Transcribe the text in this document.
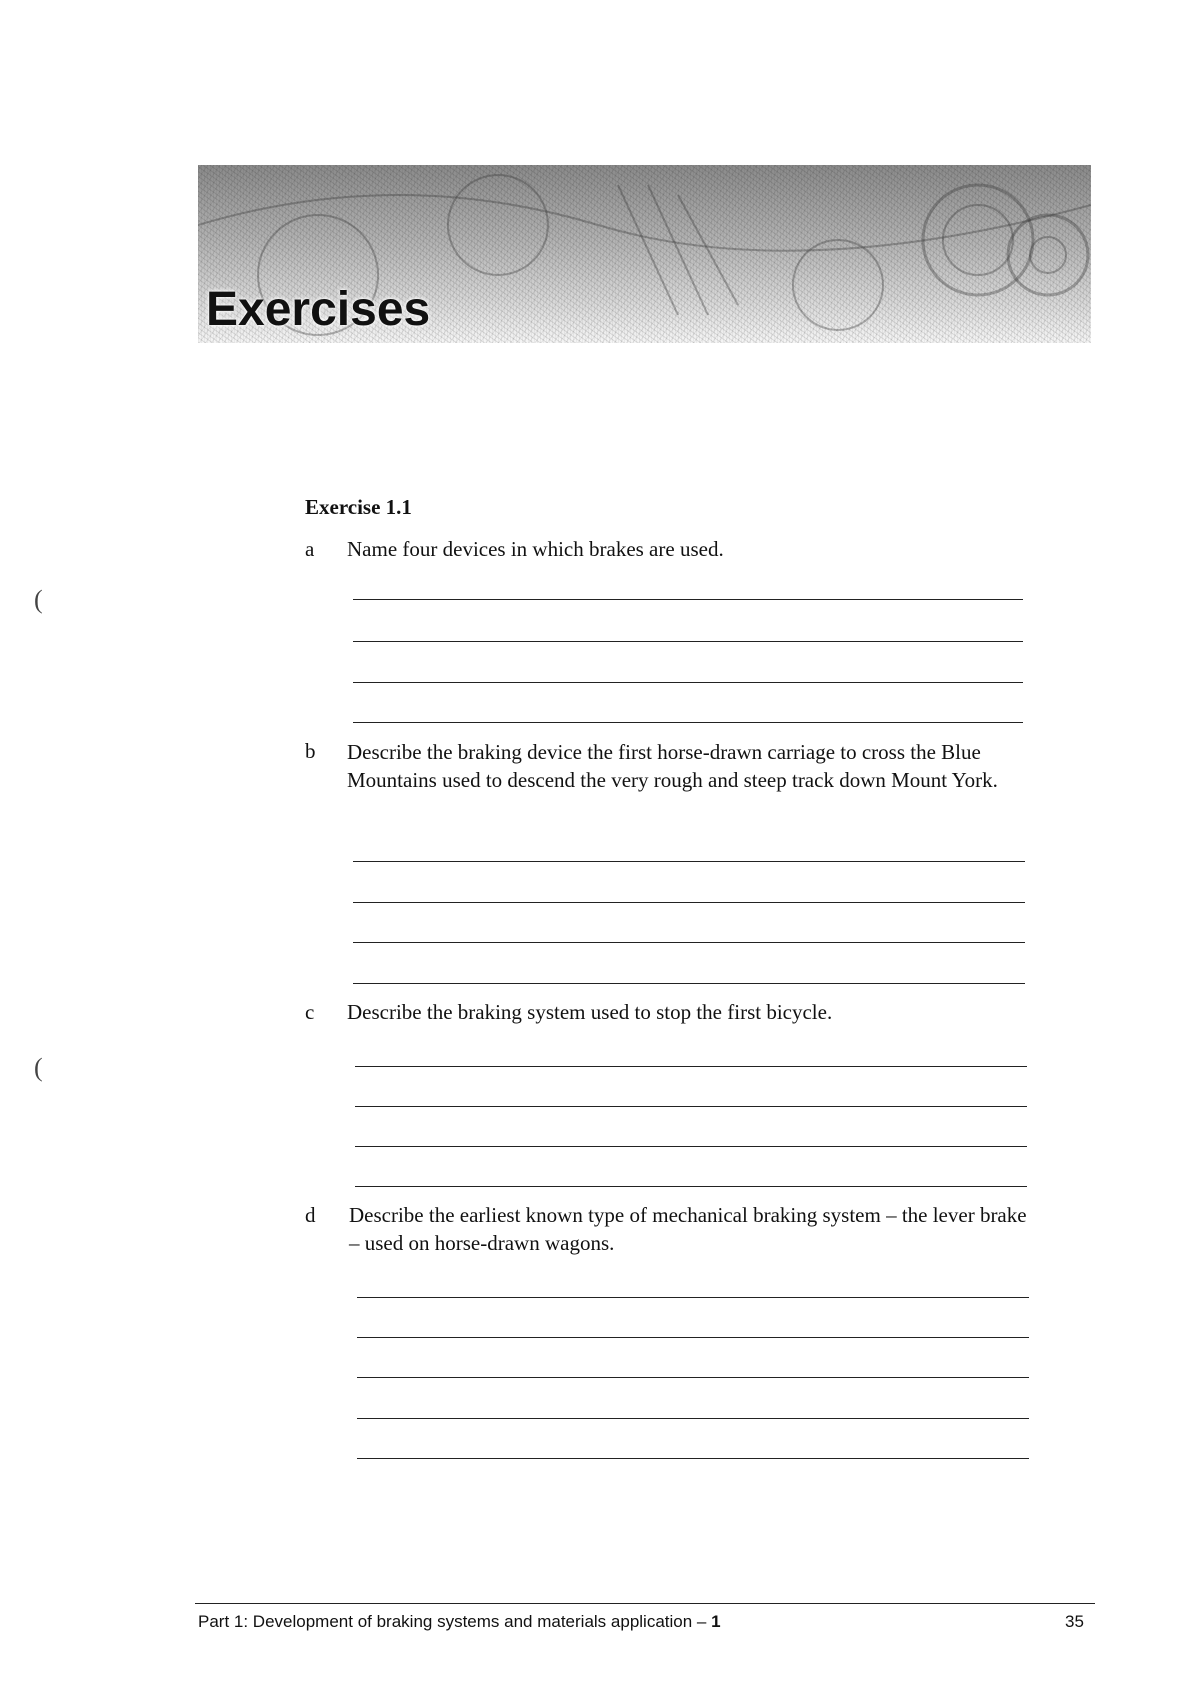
Exercises
(
(
Exercise 1.1
a Name four devices in which brakes are used.
b Describe the braking device the first horse-drawn carriage to cross the Blue Mountains used to descend the very rough and steep track down Mount York.
c Describe the braking system used to stop the first bicycle.
d Describe the earliest known type of mechanical braking system – the lever brake – used on horse-drawn wagons.
Part 1: Development of braking systems and materials application – 1	35
